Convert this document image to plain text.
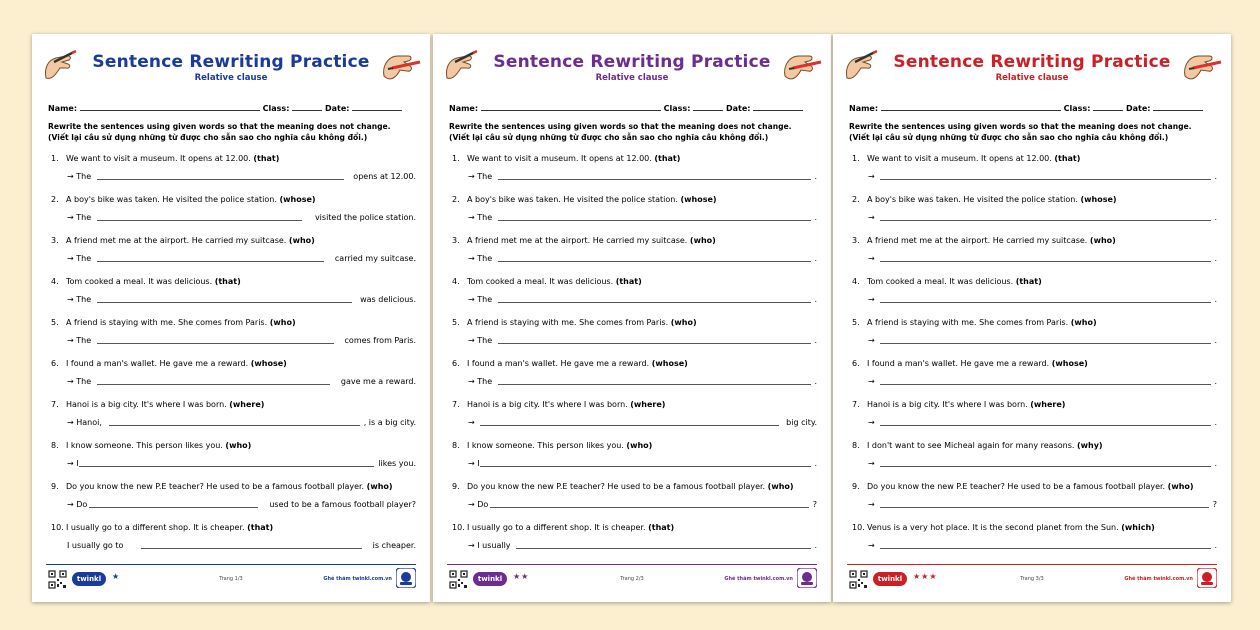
Sentence Rewriting Practice
Relative clause
Name:	Class:	Date:
Rewrite the sentences using given words so that the meaning does not change.
(Viết lại câu sử dụng những từ được cho sẵn sao cho nghĩa câu không đổi.)
1. We want to visit a museum. It opens at 12.00. (that)
→ The	opens at 12.00.
2. A boy's bike was taken. He visited the police station. (whose)
→ The	visited the police station.
3. A friend met me at the airport. He carried my suitcase. (who)
→ The	carried my suitcase.
4. Tom cooked a meal. It was delicious. (that)
→ The	was delicious.
5. A friend is staying with me. She comes from Paris. (who)
→ The	comes from Paris.
6. I found a man's wallet. He gave me a reward. (whose)
→ The	gave me a reward.
7. Hanoi is a big city. It's where I was born. (where)
→ Hanoi,	, is a big city.
8. I know someone. This person likes you. (who)
→ I	likes you.
9. Do you know the new P.E teacher? He used to be a famous football player. (who)
→ Do	used to be a famous football player?
10. I usually go to a different shop. It is cheaper. (that)
I usually go to	is cheaper.
twinkl	★	Trang 1/3	Ghé thăm twinkl.com.vn
Sentence Rewriting Practice
Relative clause
Name:	Class:	Date:
Rewrite the sentences using given words so that the meaning does not change.
(Viết lại câu sử dụng những từ được cho sẵn sao cho nghĩa câu không đổi.)
1. We want to visit a museum. It opens at 12.00. (that)
→ The	.
2. A boy's bike was taken. He visited the police station. (whose)
→ The	.
3. A friend met me at the airport. He carried my suitcase. (who)
→ The	.
4. Tom cooked a meal. It was delicious. (that)
→ The	.
5. A friend is staying with me. She comes from Paris. (who)
→ The	.
6. I found a man's wallet. He gave me a reward. (whose)
→ The	.
7. Hanoi is a big city. It's where I was born. (where)
→	big city.
8. I know someone. This person likes you. (who)
→ I	.
9. Do you know the new P.E teacher? He used to be a famous football player. (who)
→ Do	?
10. I usually go to a different shop. It is cheaper. (that)
→ I usually	.
twinkl	★★	Trang 2/3	Ghé thăm twinkl.com.vn
Sentence Rewriting Practice
Relative clause
Name:	Class:	Date:
Rewrite the sentences using given words so that the meaning does not change.
(Viết lại câu sử dụng những từ được cho sẵn sao cho nghĩa câu không đổi.)
1. We want to visit a museum. It opens at 12.00. (that)
→	.
2. A boy's bike was taken. He visited the police station. (whose)
→	.
3. A friend met me at the airport. He carried my suitcase. (who)
→	.
4. Tom cooked a meal. It was delicious. (that)
→	.
5. A friend is staying with me. She comes from Paris. (who)
→	.
6. I found a man's wallet. He gave me a reward. (whose)
→	.
7. Hanoi is a big city. It's where I was born. (where)
→	.
8. I don't want to see Micheal again for many reasons. (why)
→	.
9. Do you know the new P.E teacher? He used to be a famous football player. (who)
→	?
10. Venus is a very hot place. It is the second planet from the Sun. (which)
→	.
twinkl	★★★	Trang 3/3	Ghé thăm twinkl.com.vn
